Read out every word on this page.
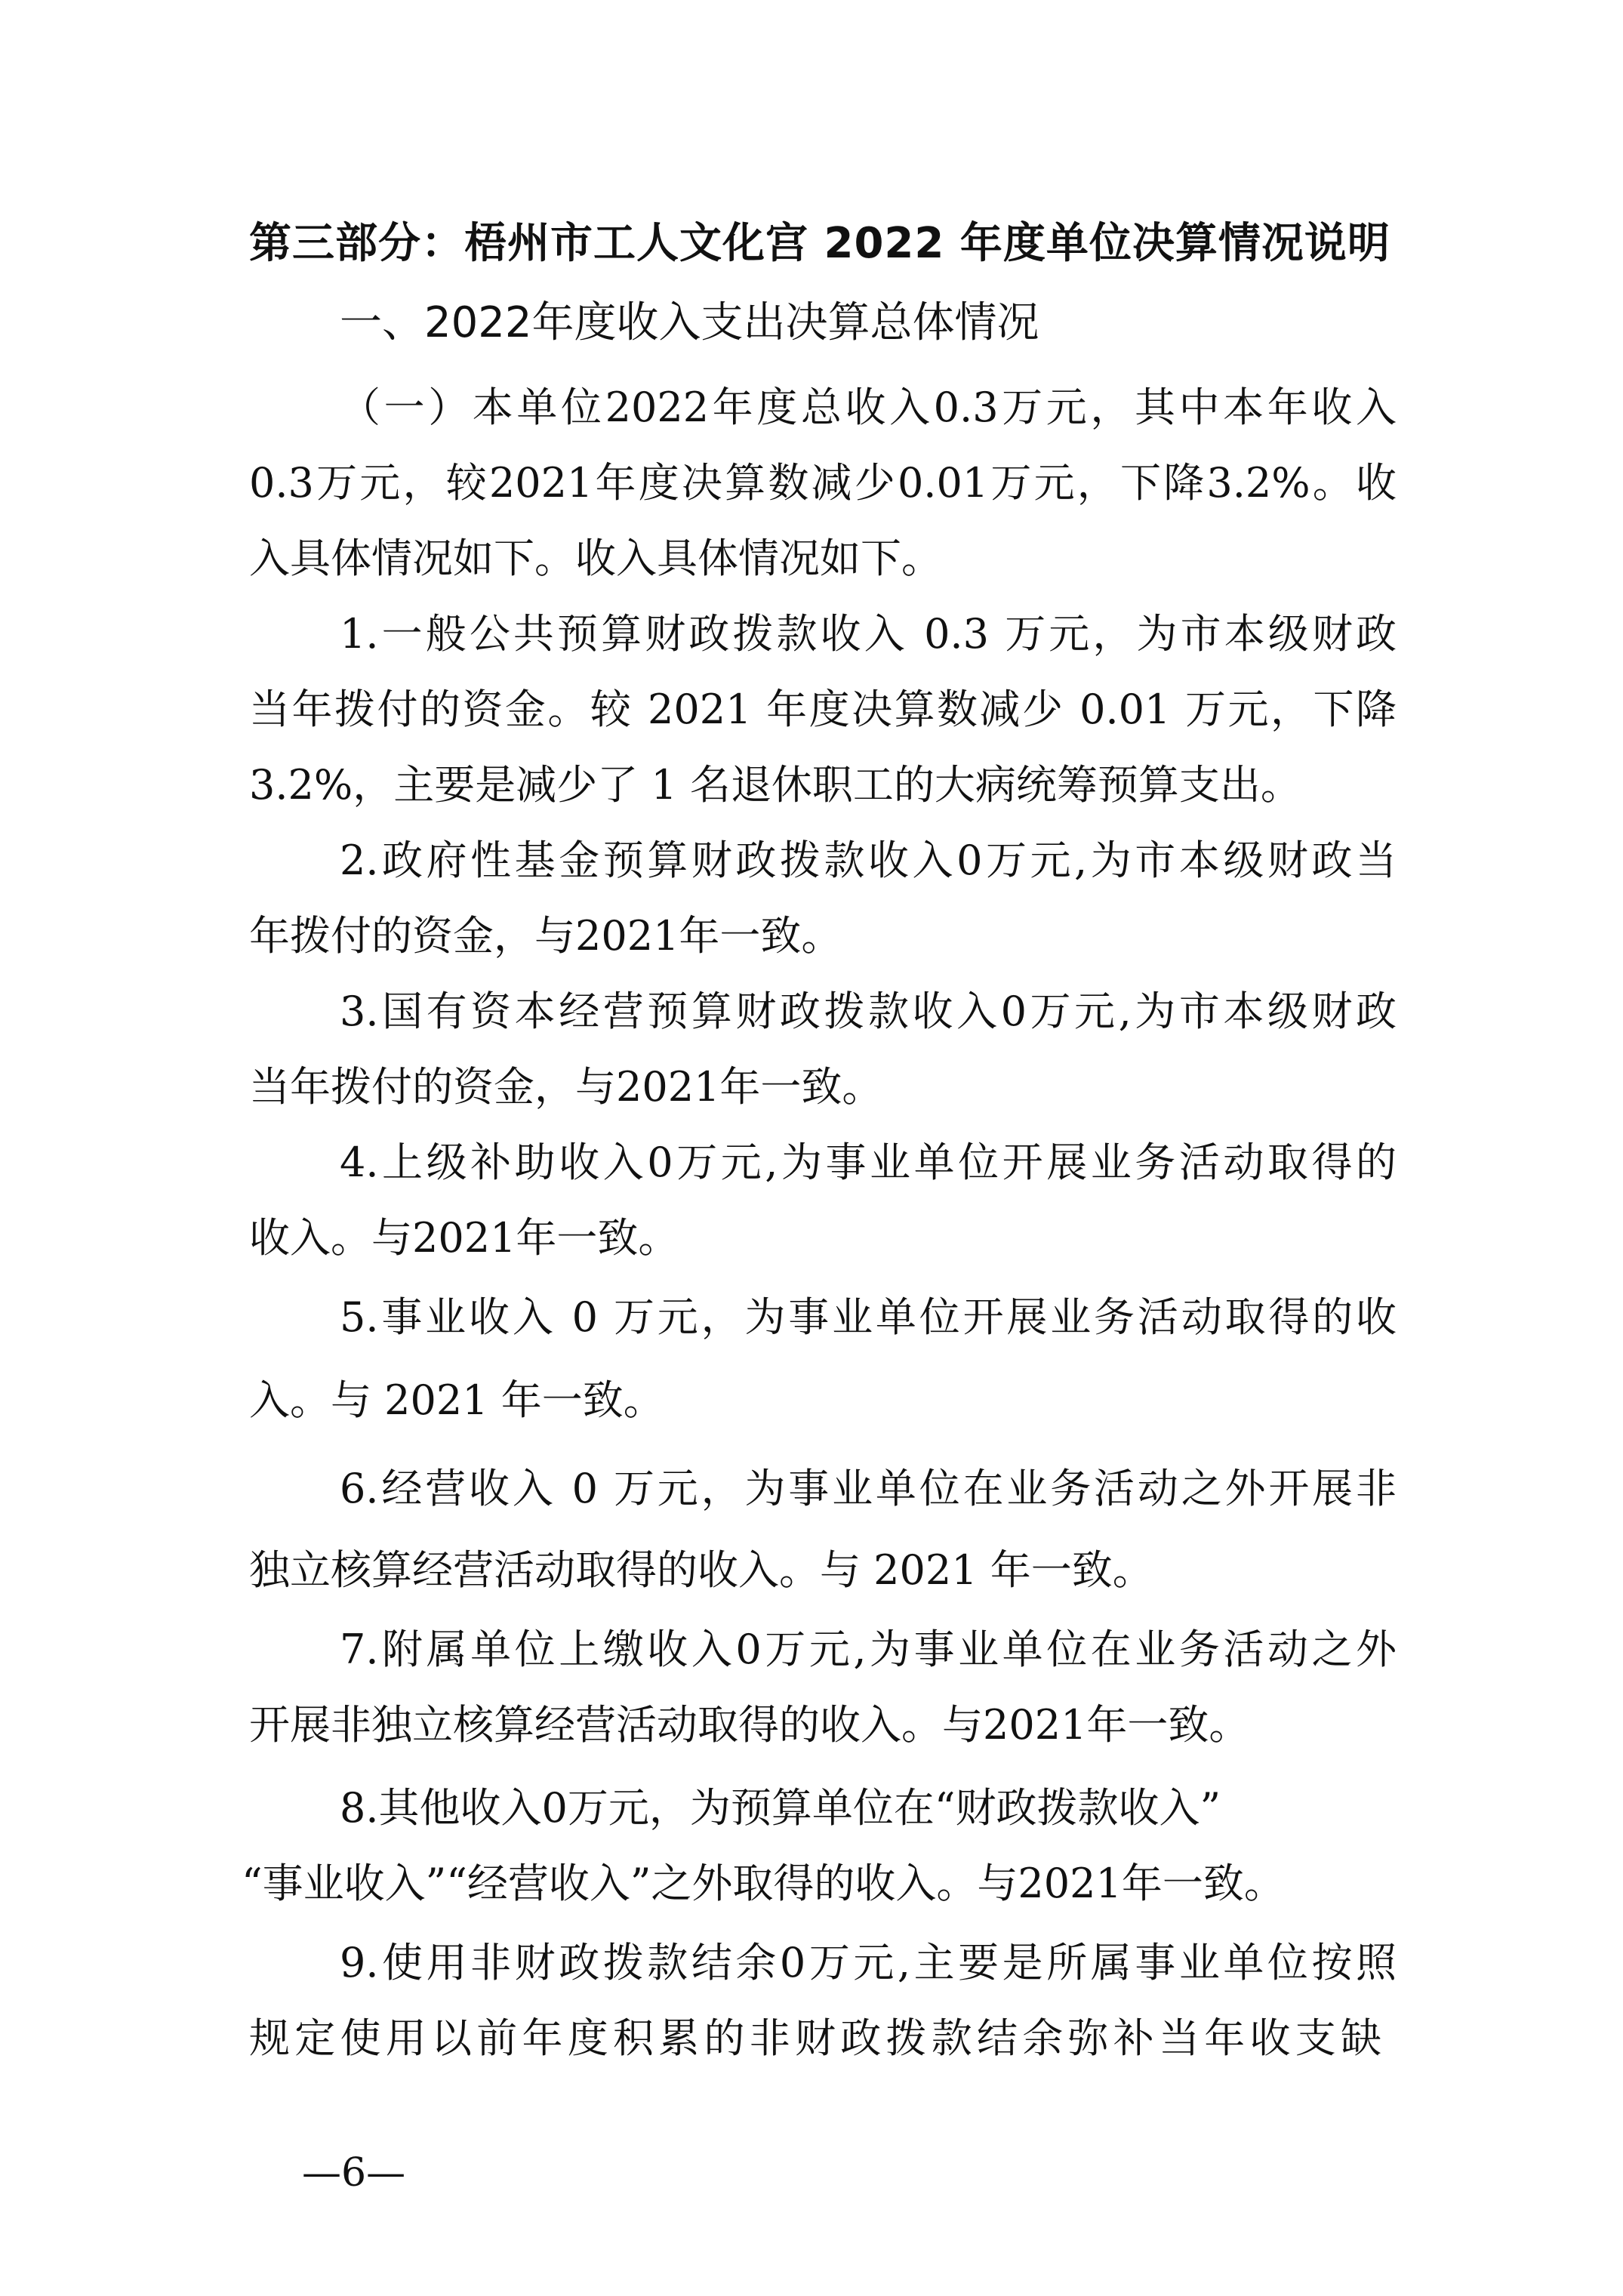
第三部分：梧州市工人文化宫 2022 年度单位决算情况说明
一、2022年度收入支出决算总体情况
（一）本单位2022年度总收入0.3万元，其中本年收入
0.3万元，较2021年度决算数减少0.01万元，下降3.2%。收
入具体情况如下。收入具体情况如下。
1.一般公共预算财政拨款收入 0.3 万元，为市本级财政
当年拨付的资金。较 2021 年度决算数减少 0.01 万元，下降
3.2%，主要是减少了 1 名退休职工的大病统筹预算支出。
2.政府性基金预算财政拨款收入0万元,为市本级财政当
年拨付的资金，与2021年一致。
3.国有资本经营预算财政拨款收入0万元,为市本级财政
当年拨付的资金，与2021年一致。
4.上级补助收入0万元,为事业单位开展业务活动取得的
收入。与2021年一致。
5.事业收入 0 万元，为事业单位开展业务活动取得的收
入。与 2021 年一致。
6.经营收入 0 万元，为事业单位在业务活动之外开展非
独立核算经营活动取得的收入。与 2021 年一致。
7.附属单位上缴收入0万元,为事业单位在业务活动之外
开展非独立核算经营活动取得的收入。与2021年一致。
8.其他收入0万元，为预算单位在“财政拨款收入”
“事业收入”“经营收入”之外取得的收入。与2021年一致。
9.使用非财政拨款结余0万元,主要是所属事业单位按照
规定使用以前年度积累的非财政拨款结余弥补当年收支缺
—6—
